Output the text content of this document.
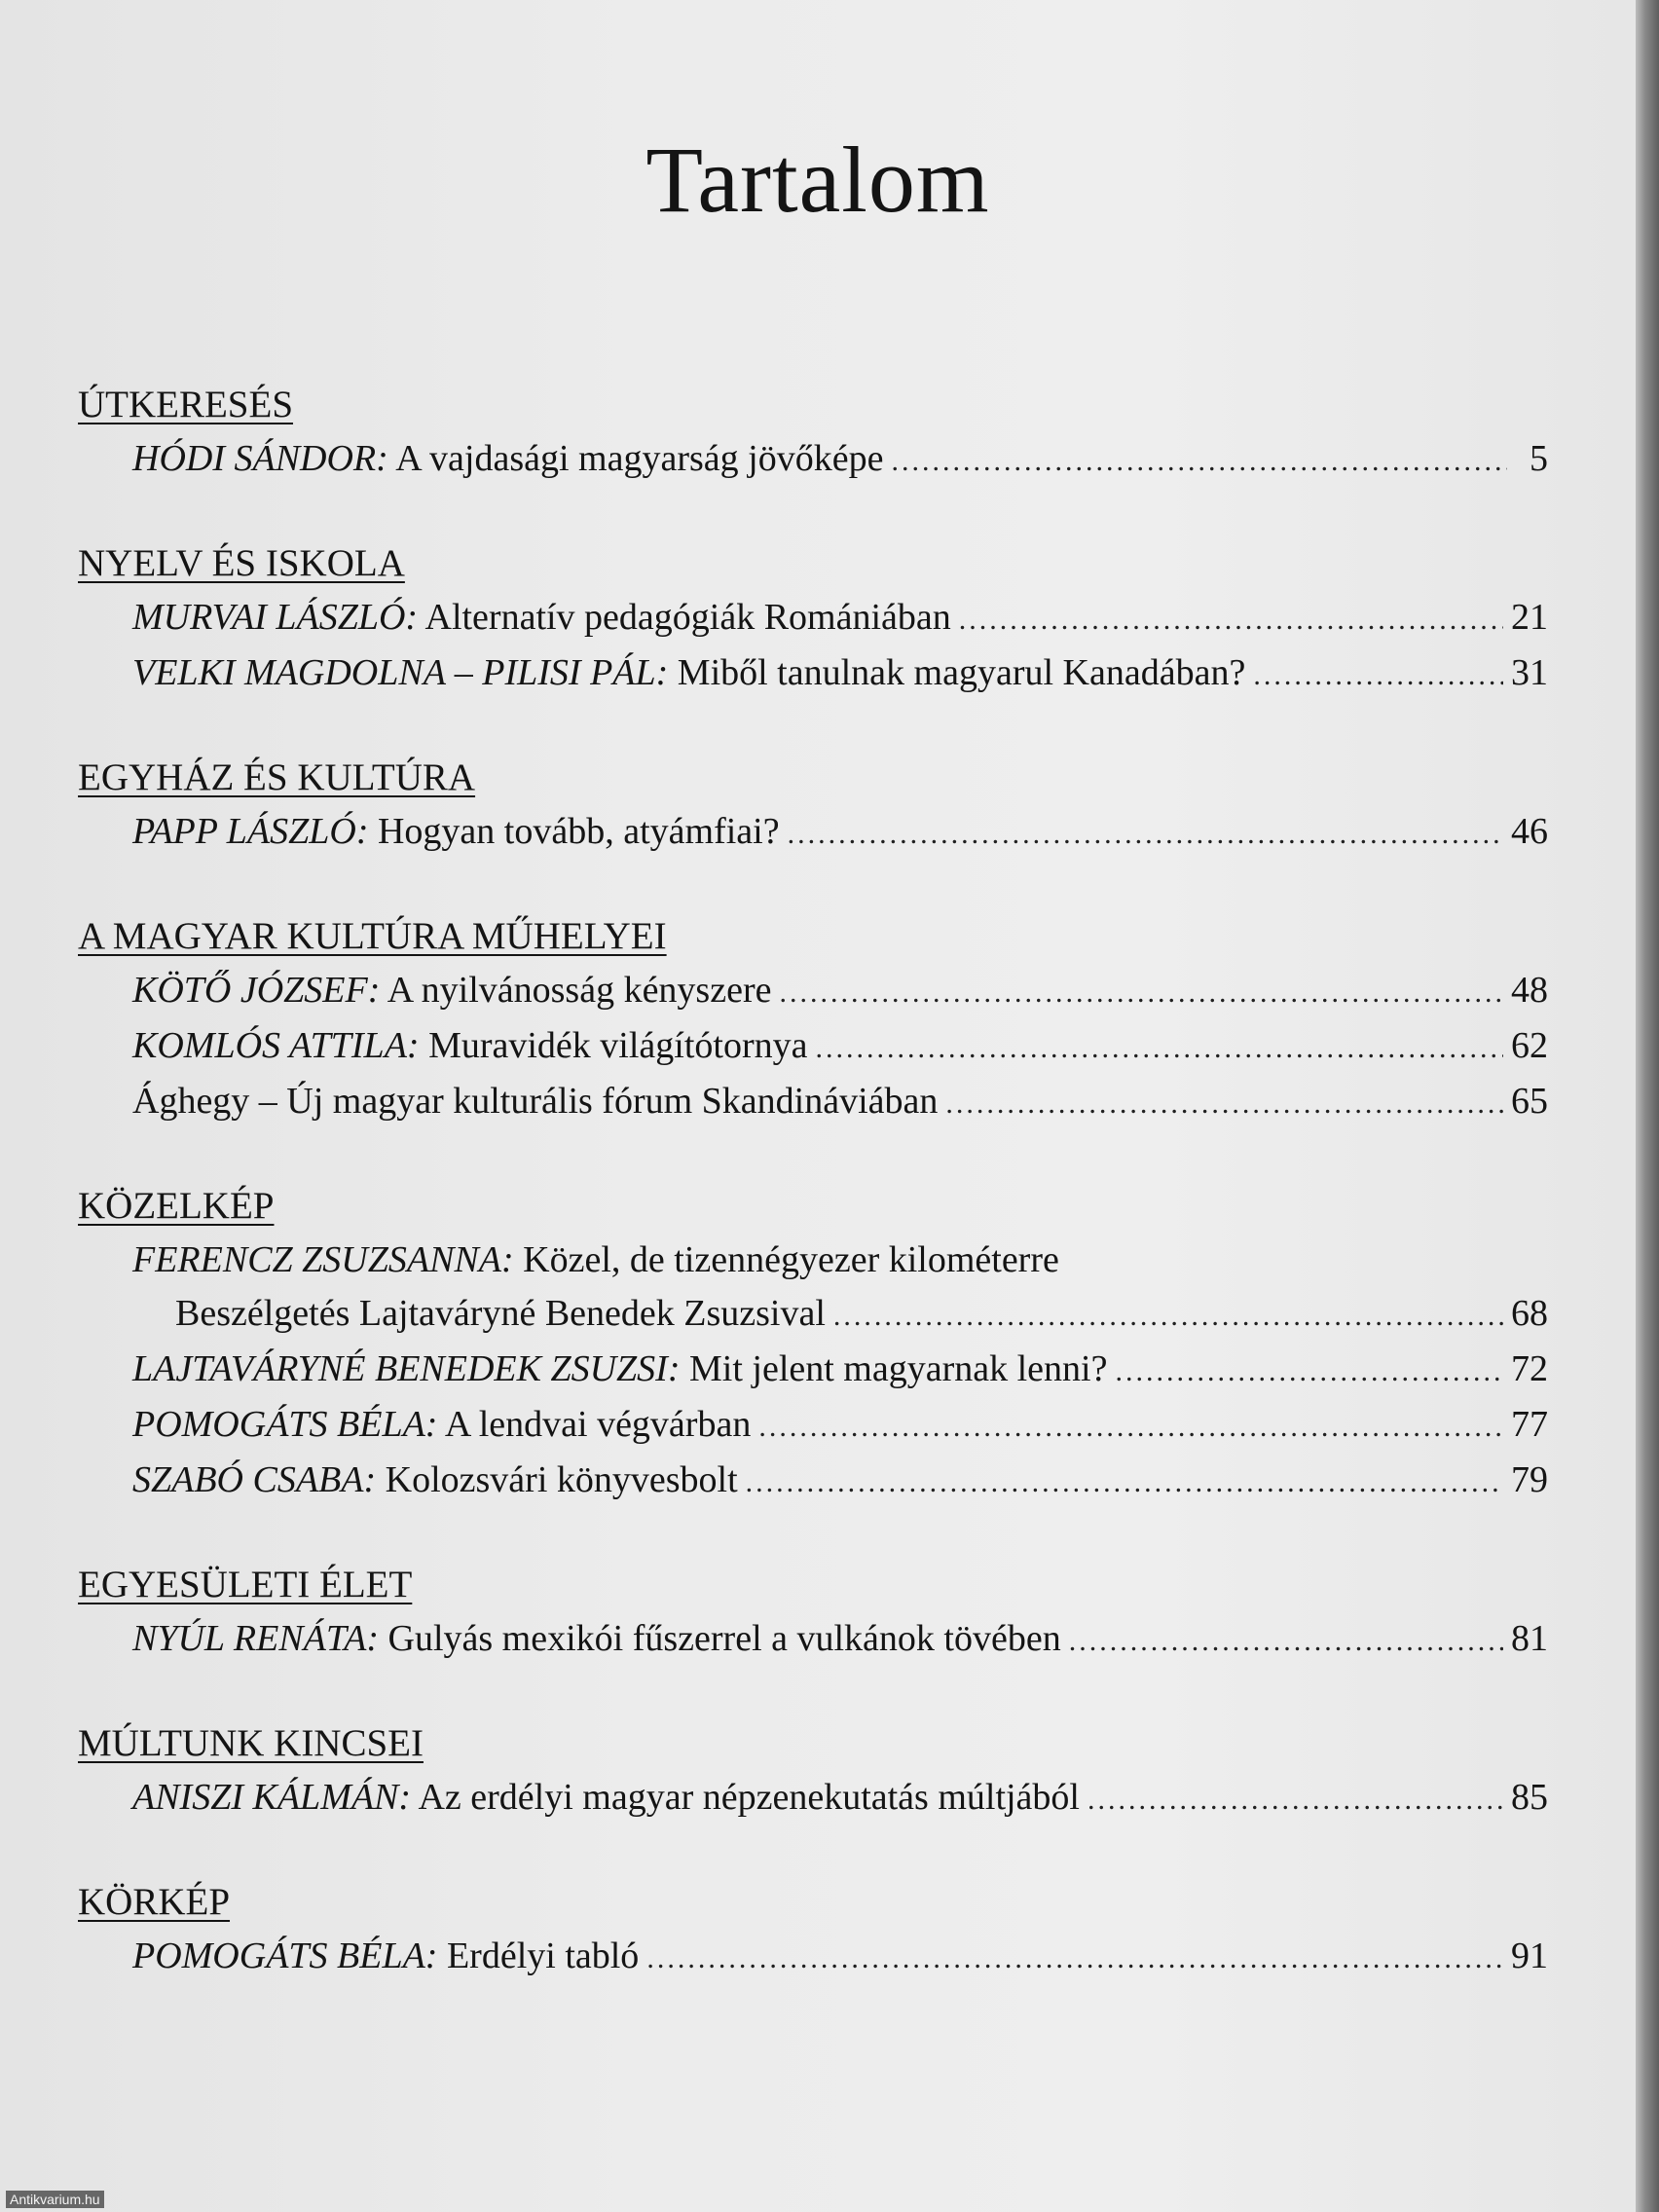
Tartalom
ÚTKERESÉS
HÓDI SÁNDOR: A vajdasági magyarság jövőképe .....	5
NYELV ÉS ISKOLA
MURVAI LÁSZLÓ: Alternatív pedagógiák Romániában .....	21
VELKI MAGDOLNA – PILISI PÁL: Miből tanulnak magyarul Kanadában? .....	31
EGYHÁZ ÉS KULTÚRA
PAPP LÁSZLÓ: Hogyan tovább, atyámfiai? .....	46
A MAGYAR KULTÚRA MŰHELYEI
KÖTŐ JÓZSEF: A nyilvánosság kényszere .....	48
KOMLÓS ATTILA: Muravidék világítótornya .....	62
Ághegy – Új magyar kulturális fórum Skandináviában .....	65
KÖZELKÉP
FERENCZ ZSUZSANNA: Közel, de tizennégyezer kilométerre
Beszélgetés Lajtaváryné Benedek Zsuzsival .....	68
LAJTAVÁRYNÉ BENEDEK ZSUZSI: Mit jelent magyarnak lenni? .....	72
POMOGÁTS BÉLA: A lendvai végvárban .....	77
SZABÓ CSABA: Kolozsvári könyvesbolt .....	79
EGYESÜLETI ÉLET
NYÚL RENÁTA: Gulyás mexikói fűszerrel a vulkánok tövében .....	81
MÚLTUNK KINCSEI
ANISZI KÁLMÁN: Az erdélyi magyar népzenekutatás múltjából .....	85
KÖRKÉP
POMOGÁTS BÉLA: Erdélyi tabló .....	91
Antikvarium.hu
